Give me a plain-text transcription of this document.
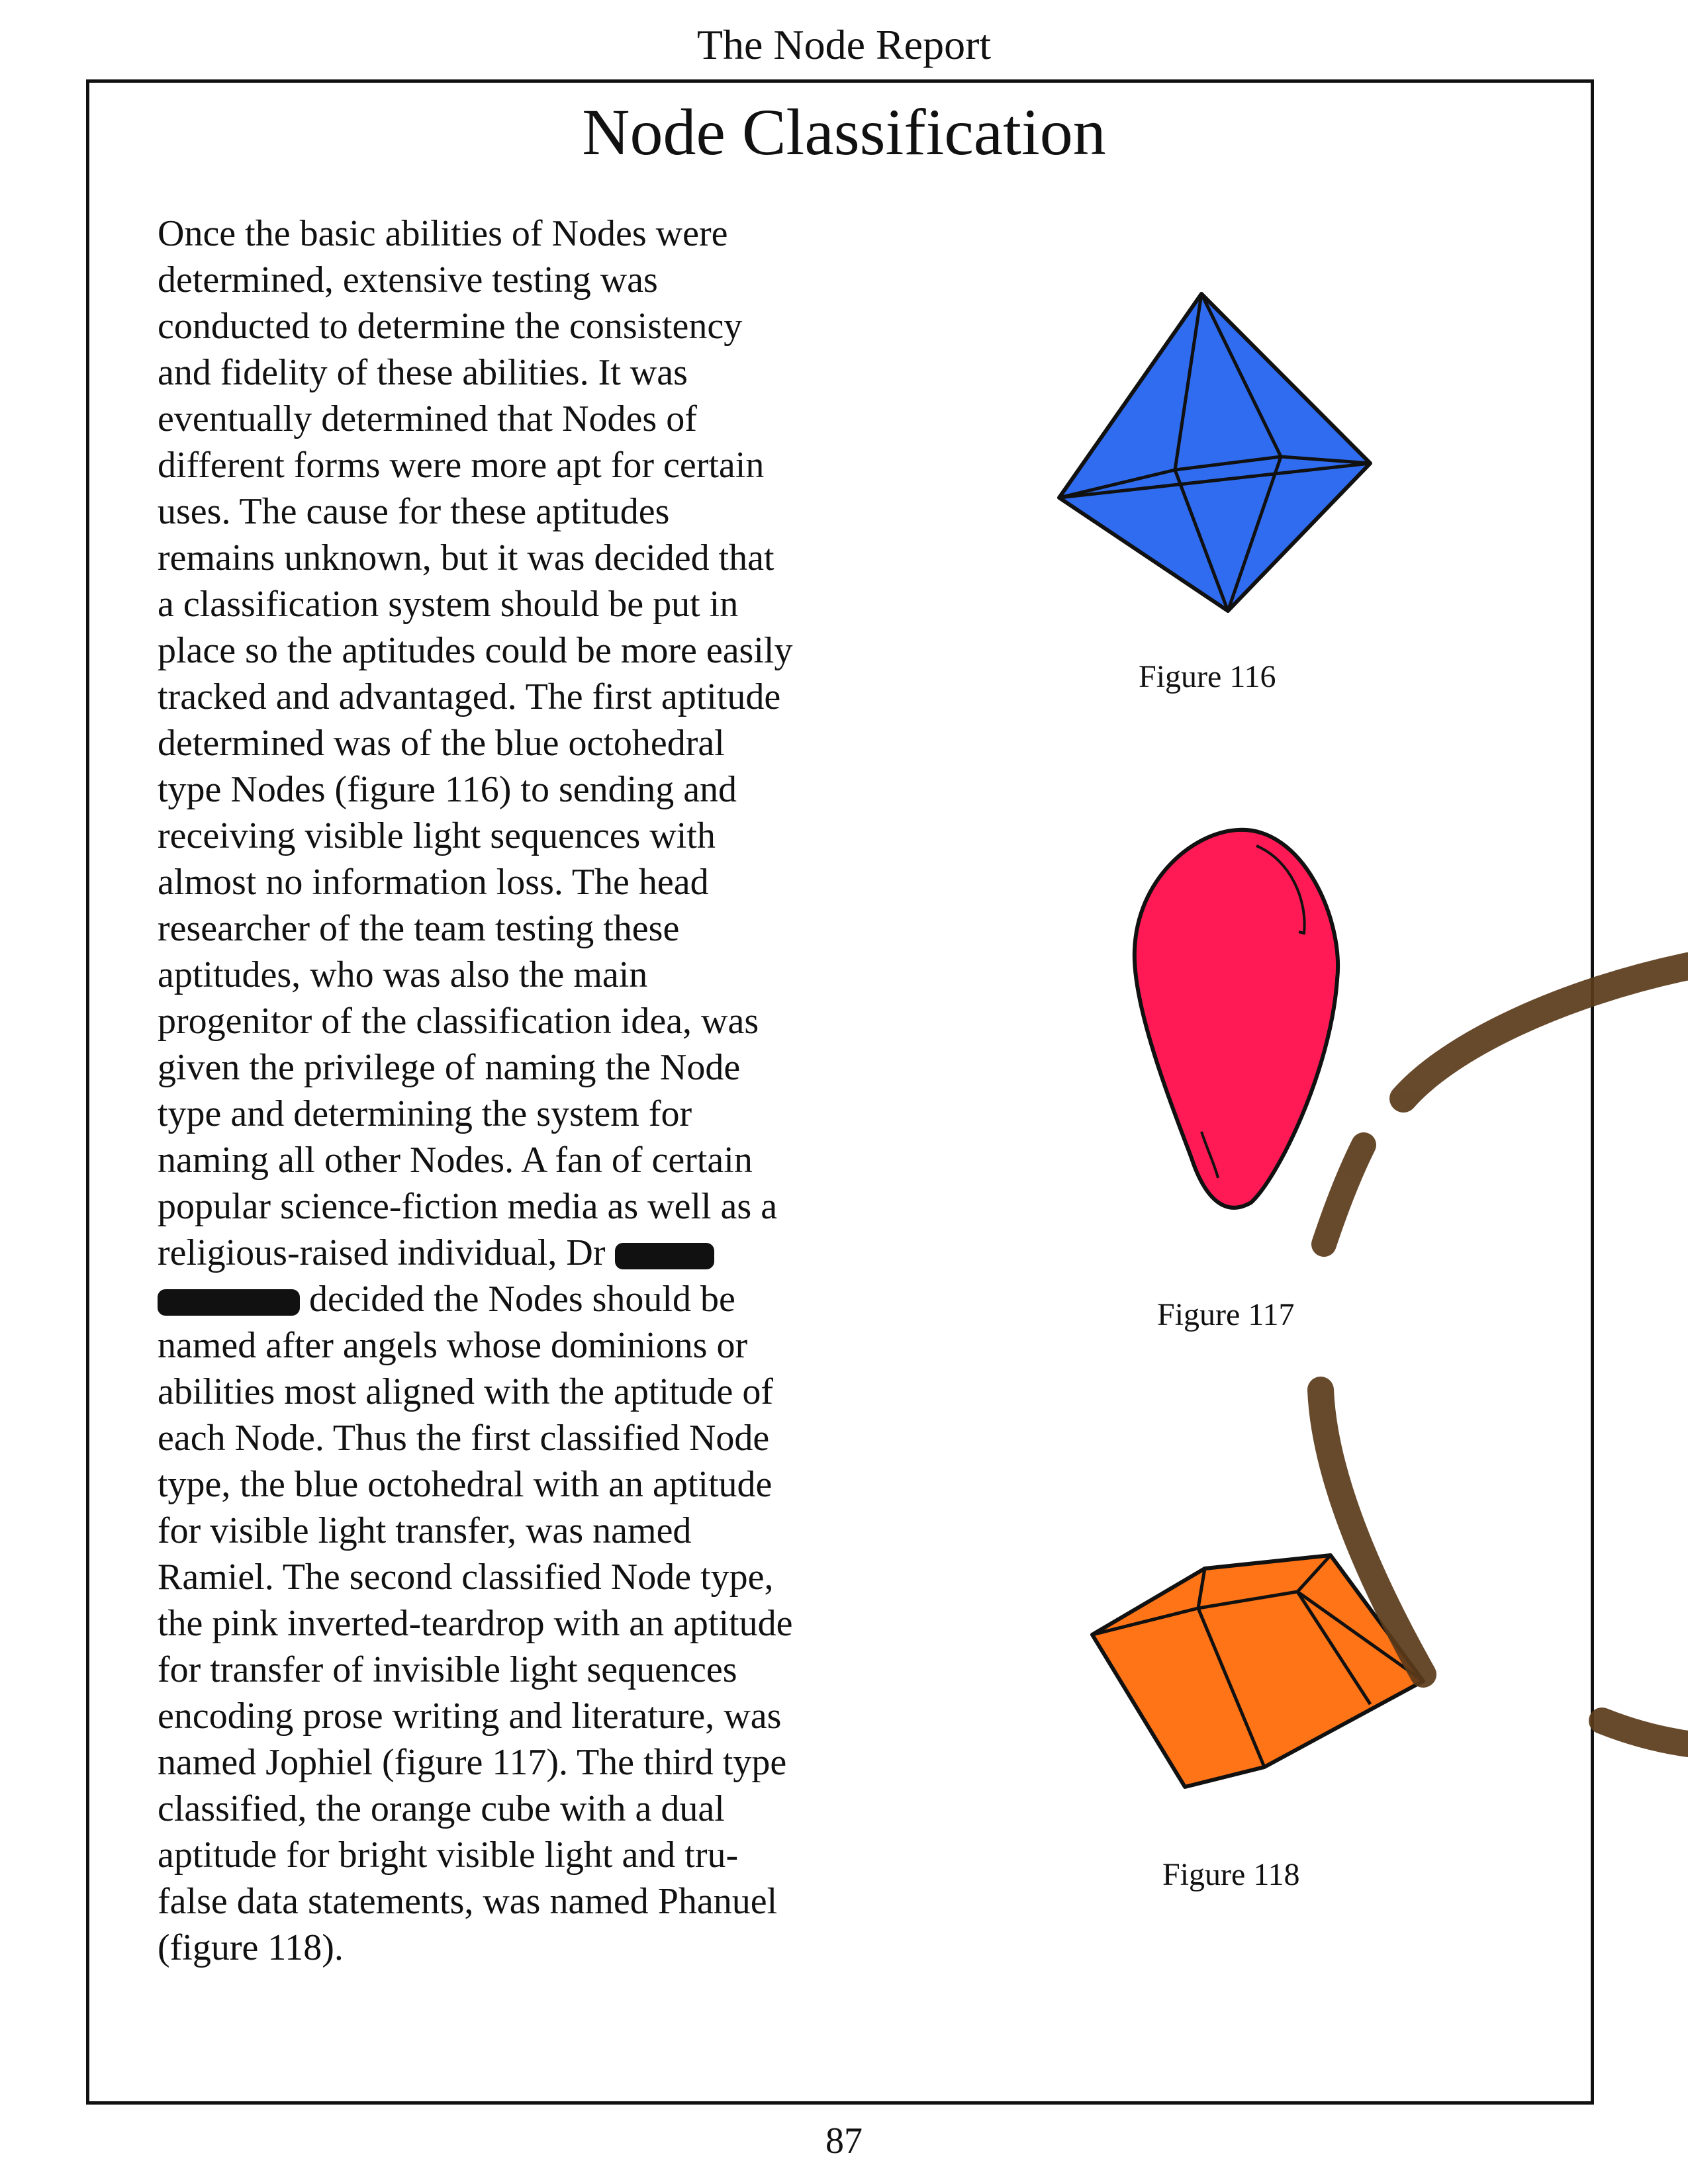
The Node Report
Node Classification

Once the basic abilities of Nodes were determined, extensive testing was conducted to determine the consistency and fidelity of these abilities. It was eventually determined that Nodes of different forms were more apt for certain uses. The cause for these aptitudes remains unknown, but it was decided that a classification system should be put in place so the aptitudes could be more easily tracked and advantaged. The first aptitude determined was of the blue octohedral type Nodes (figure 116) to sending and receiving visible light sequences with almost no information loss. The head researcher of the team testing these aptitudes, who was also the main progenitor of the classification idea, was given the privilege of naming the Node type and determining the system for naming all other Nodes. A fan of certain popular science-fiction media as well as a religious-raised individual, Dr
decided the Nodes should be named after angels whose dominions or abilities most aligned with the aptitude of each Node. Thus the first classified Node type, the blue octohedral with an aptitude for visible light transfer, was named Ramiel. The second classified Node type, the pink inverted-teardrop with an aptitude for transfer of invisible light sequences encoding prose writing and literature, was named Jophiel (figure 117). The third type classified, the orange cube with a dual aptitude for bright visible light and tru-false data statements, was named Phanuel (figure 118).

Figure 116
Figure 117
Figure 118
87
